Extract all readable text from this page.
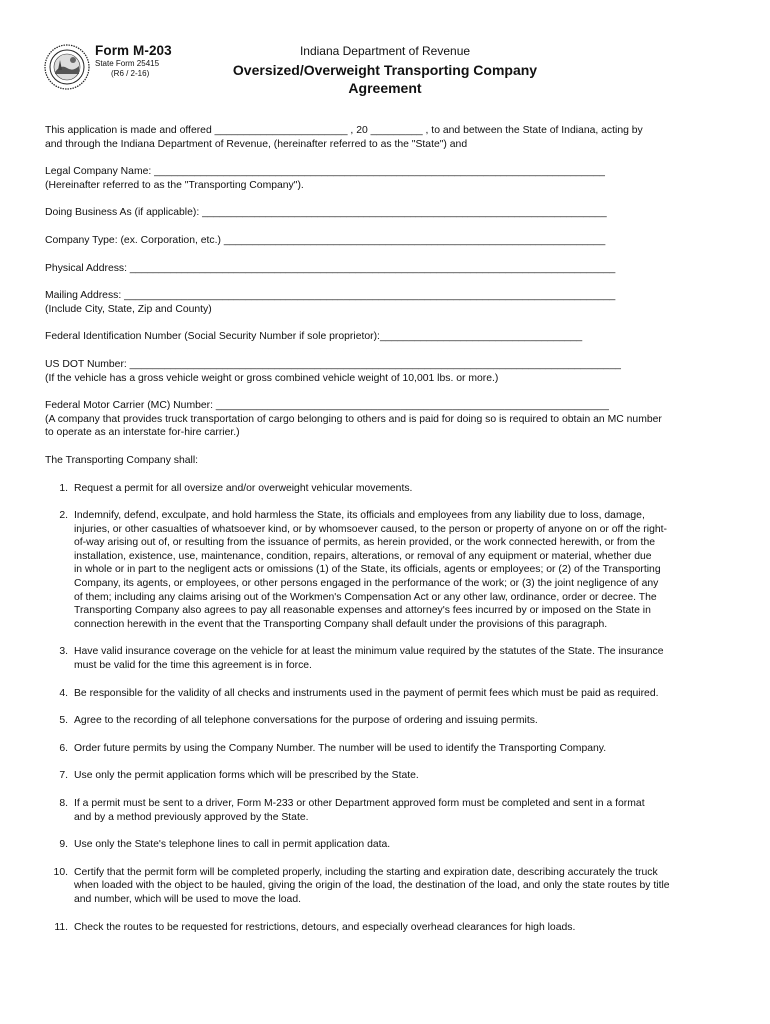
Form M-203
State Form 25415
(R6 / 2-16)
Indiana Department of Revenue
Oversized/Overweight Transporting Company
Agreement

This application is made and offered _______________________ , 20 _________ , to and between the State of Indiana, acting by

and through the Indiana Department of Revenue, (hereinafter referred to as the "State") and

Legal Company Name: ______________________________________________________________________________

(Hereinafter referred to as the "Transporting Company").

Doing Business As (if applicable): ______________________________________________________________________

Company Type: (ex. Corporation, etc.) __________________________________________________________________

Physical Address: ____________________________________________________________________________________

Mailing Address: _____________________________________________________________________________________

(Include City, State, Zip and County)

Federal Identification Number (Social Security Number if sole proprietor):___________________________________

US DOT Number: _____________________________________________________________________________________

(If the vehicle has a gross vehicle weight or gross combined vehicle weight of 10,001 lbs. or more.)

Federal Motor Carrier (MC) Number: ____________________________________________________________________

(A company that provides truck transportation of cargo belonging to others and is paid for doing so is required to obtain an MC number

to operate as an interstate for-hire carrier.)

The Transporting Company shall:

1. Request a permit for all oversize and/or overweight vehicular movements.
2. Indemnify, defend, exculpate, and hold harmless the State, its officials and employees from any liability due to loss, damage,
injuries, or other casualties of whatsoever kind, or by whomsoever caused, to the person or property of anyone on or off the right-
of-way arising out of, or resulting from the issuance of permits, as herein provided, or the work connected herewith, or from the
installation, existence, use, maintenance, condition, repairs, alterations, or removal of any equipment or material, whether due
in whole or in part to the negligent acts or omissions (1) of the State, its officials, agents or employees; or (2) of the Transporting
Company, its agents, or employees, or other persons engaged in the performance of the work; or (3) the joint negligence of any
of them; including any claims arising out of the Workmen's Compensation Act or any other law, ordinance, order or decree. The
Transporting Company also agrees to pay all reasonable expenses and attorney's fees incurred by or imposed on the State in
connection herewith in the event that the Transporting Company shall default under the provisions of this paragraph.
3. Have valid insurance coverage on the vehicle for at least the minimum value required by the statutes of the State. The insurance
must be valid for the time this agreement is in force.
4. Be responsible for the validity of all checks and instruments used in the payment of permit fees which must be paid as required.
5. Agree to the recording of all telephone conversations for the purpose of ordering and issuing permits.
6. Order future permits by using the Company Number. The number will be used to identify the Transporting Company.
7. Use only the permit application forms which will be prescribed by the State.
8. If a permit must be sent to a driver, Form M-233 or other Department approved form must be completed and sent in a format
and by a method previously approved by the State.
9. Use only the State's telephone lines to call in permit application data.
10. Certify that the permit form will be completed properly, including the starting and expiration date, describing accurately the truck
when loaded with the object to be hauled, giving the origin of the load, the destination of the load, and only the state routes by title
and number, which will be used to move the load.
11. Check the routes to be requested for restrictions, detours, and especially overhead clearances for high loads.
